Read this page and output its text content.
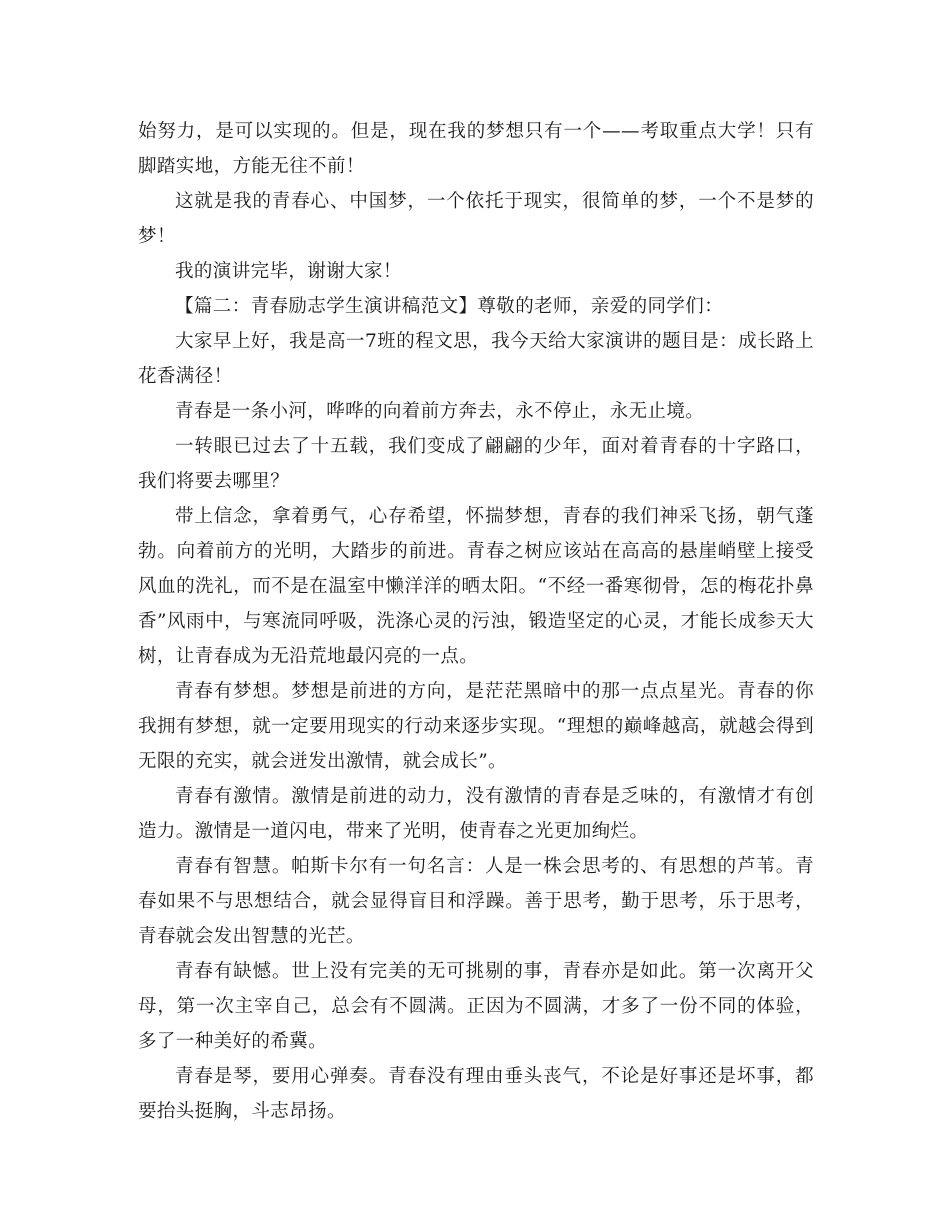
始努力，是可以实现的。但是，现在我的梦想只有一个——考取重点大学！只有脚踏实地，方能无往不前！

这就是我的青春心、中国梦，一个依托于现实，很简单的梦，一个不是梦的梦！

我的演讲完毕，谢谢大家！

【篇二：青春励志学生演讲稿范文】尊敬的老师，亲爱的同学们：

大家早上好，我是高一7班的程文思，我今天给大家演讲的题目是：成长路上花香满径！

青春是一条小河，哗哗的向着前方奔去，永不停止，永无止境。

一转眼已过去了十五载，我们变成了翩翩的少年，面对着青春的十字路口，我们将要去哪里？

带上信念，拿着勇气，心存希望，怀揣梦想，青春的我们神采飞扬，朝气蓬勃。向着前方的光明，大踏步的前进。青春之树应该站在高高的悬崖峭壁上接受风血的洗礼，而不是在温室中懒洋洋的晒太阳。“不经一番寒彻骨，怎的梅花扑鼻香”风雨中，与寒流同呼吸，洗涤心灵的污浊，锻造坚定的心灵，才能长成参天大树，让青春成为无沿荒地最闪亮的一点。

青春有梦想。梦想是前进的方向，是茫茫黑暗中的那一点点星光。青春的你我拥有梦想，就一定要用现实的行动来逐步实现。“理想的巅峰越高，就越会得到无限的充实，就会迸发出激情，就会成长”。

青春有激情。激情是前进的动力，没有激情的青春是乏味的，有激情才有创造力。激情是一道闪电，带来了光明，使青春之光更加绚烂。

青春有智慧。帕斯卡尔有一句名言：人是一株会思考的、有思想的芦苇。青春如果不与思想结合，就会显得盲目和浮躁。善于思考，勤于思考，乐于思考，青春就会发出智慧的光芒。

青春有缺憾。世上没有完美的无可挑剔的事，青春亦是如此。第一次离开父母，第一次主宰自己，总会有不圆满。正因为不圆满，才多了一份不同的体验，多了一种美好的希冀。

青春是琴，要用心弹奏。青春没有理由垂头丧气，不论是好事还是坏事，都要抬头挺胸，斗志昂扬。
